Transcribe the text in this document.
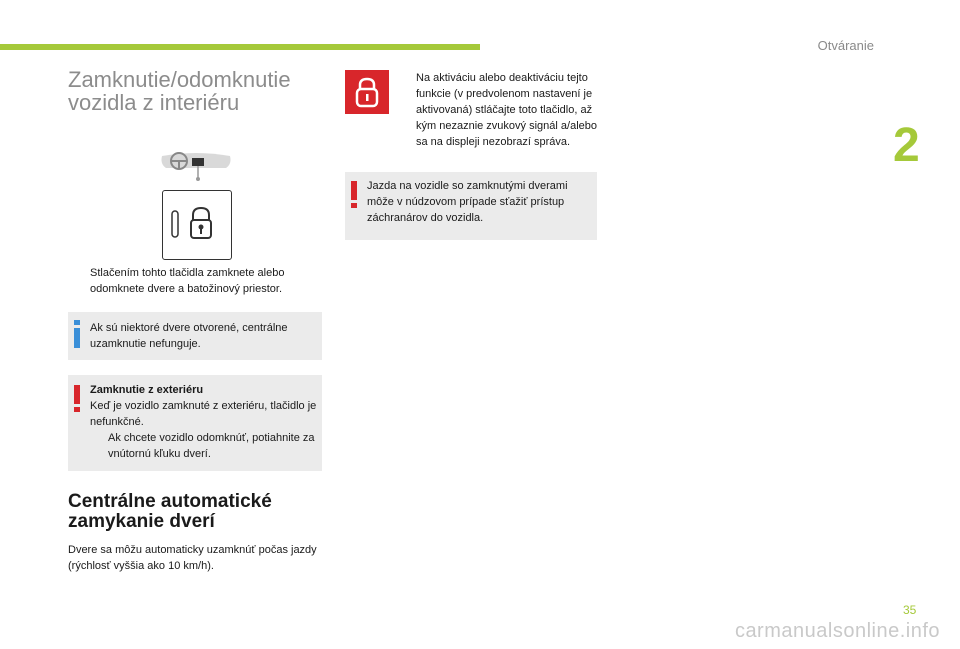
Otváranie
2
Zamknutie/odomknutie vozidla z interiéru
Stlačením tohto tlačidla zamknete alebo odomknete dvere a batožinový priestor.
Ak sú niektoré dvere otvorené, centrálne uzamknutie nefunguje.
Zamknutie z exteriéru
Keď je vozidlo zamknuté z exteriéru, tlačidlo je nefunkčné.
Ak chcete vozidlo odomknúť, potiahnite za vnútornú kľuku dverí.
Centrálne automatické zamykanie dverí
Dvere sa môžu automaticky uzamknúť počas jazdy (rýchlosť vyššia ako 10 km/h).
Na aktiváciu alebo deaktiváciu tejto funkcie (v predvolenom nastavení je aktivovaná) stláčajte toto tlačidlo, až kým nezaznie zvukový signál a/alebo sa na displeji nezobrazí správa.
Jazda na vozidle so zamknutými dverami môže v núdzovom prípade sťažiť prístup záchranárov do vozidla.
35
carmanualsonline.info
